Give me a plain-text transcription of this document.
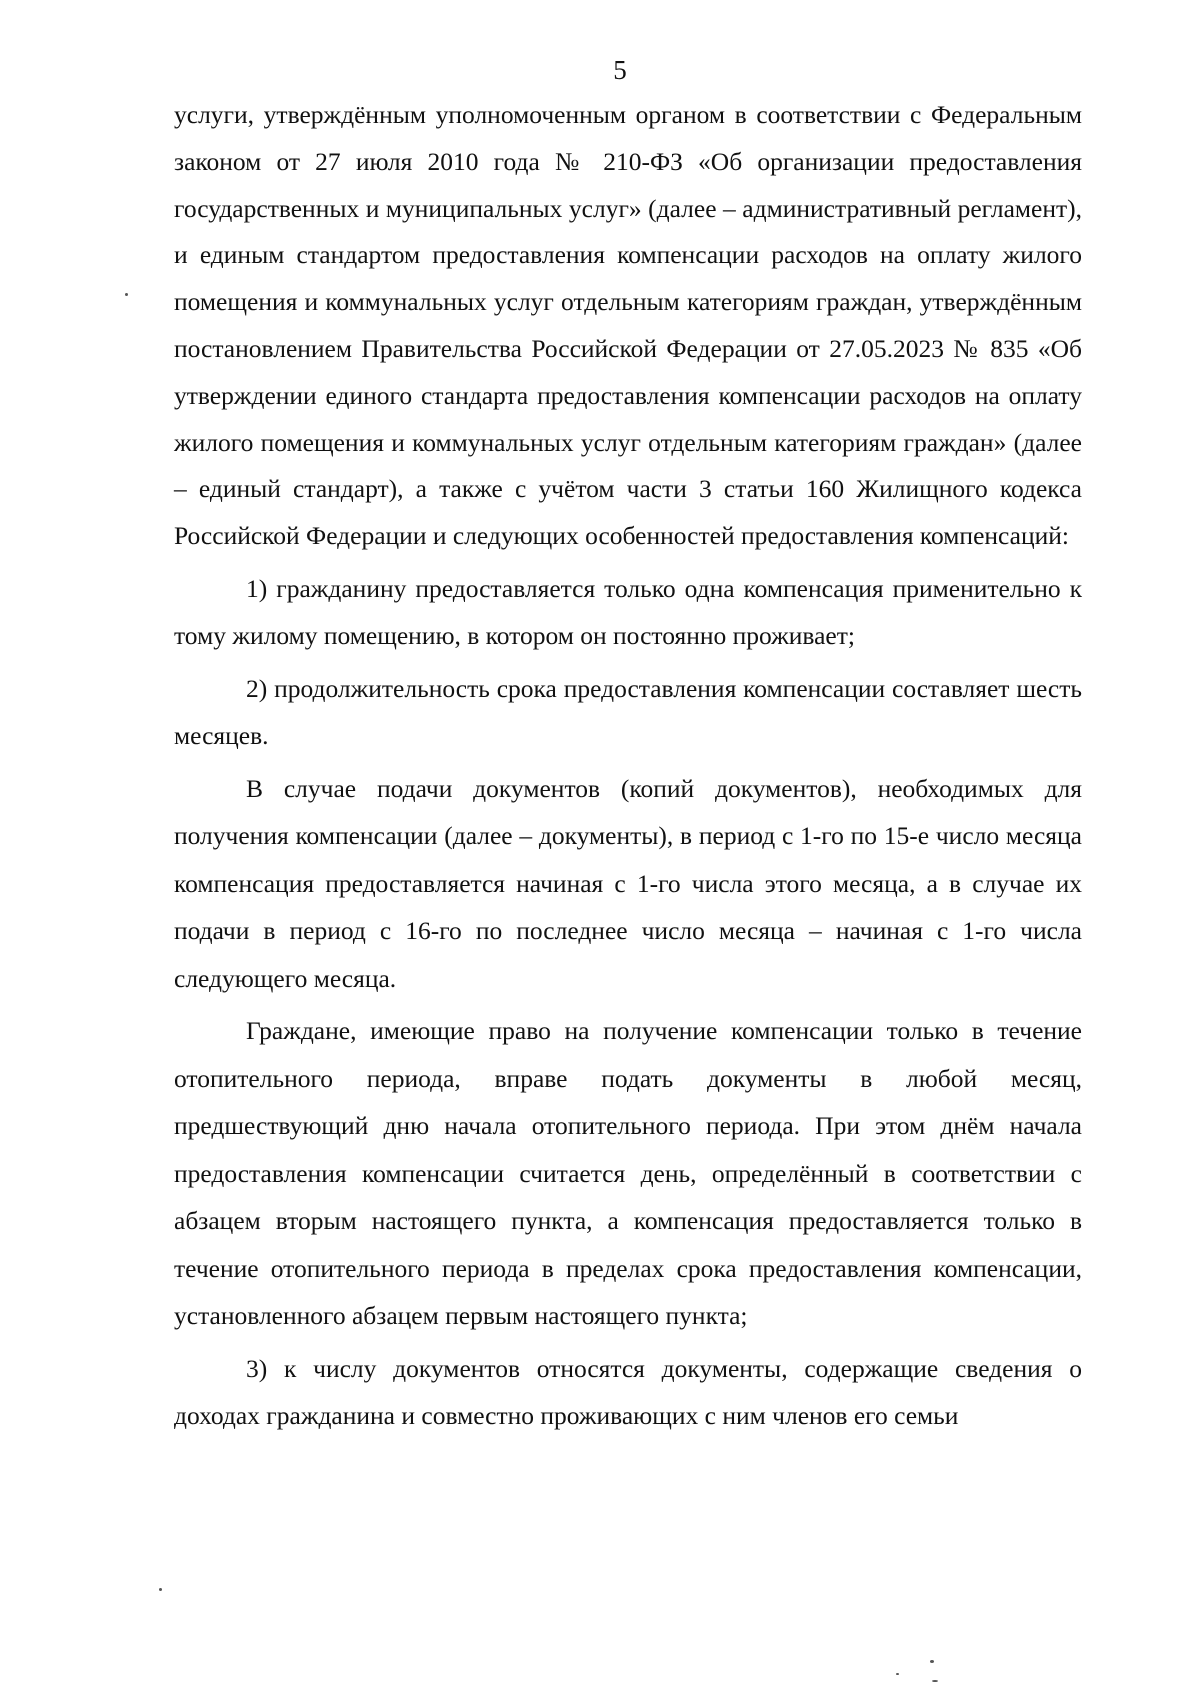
5

услуги, утверждённым уполномоченным органом в соответствии с Федеральным законом от 27 июля 2010 года № 210-ФЗ «Об организации предоставления государственных и муниципальных услуг» (далее – административный регламент), и единым стандартом предоставления компенсации расходов на оплату жилого помещения и коммунальных услуг отдельным категориям граждан, утверждённым постановлением Правительства Российской Федерации от 27.05.2023 № 835 «Об утверждении единого стандарта предоставления компенсации расходов на оплату жилого помещения и коммунальных услуг отдельным категориям граждан» (далее – единый стандарт), а также с учётом части 3 статьи 160 Жилищного кодекса Российской Федерации и следующих особенностей предоставления компенсаций:

1) гражданину предоставляется только одна компенсация применительно к тому жилому помещению, в котором он постоянно проживает;

2) продолжительность срока предоставления компенсации составляет шесть месяцев.

В случае подачи документов (копий документов), необходимых для получения компенсации (далее – документы), в период с 1-го по 15-е число месяца компенсация предоставляется начиная с 1-го числа этого месяца, а в случае их подачи в период с 16-го по последнее число месяца – начиная с 1-го числа следующего месяца.

Граждане, имеющие право на получение компенсации только в течение отопительного периода, вправе подать документы в любой месяц, предшествующий дню начала отопительного периода. При этом днём начала предоставления компенсации считается день, определённый в соответствии с абзацем вторым настоящего пункта, а компенсация предоставляется только в течение отопительного периода в пределах срока предоставления компенсации, установленного абзацем первым настоящего пункта;

3) к числу документов относятся документы, содержащие сведения о доходах гражданина и совместно проживающих с ним членов его семьи
